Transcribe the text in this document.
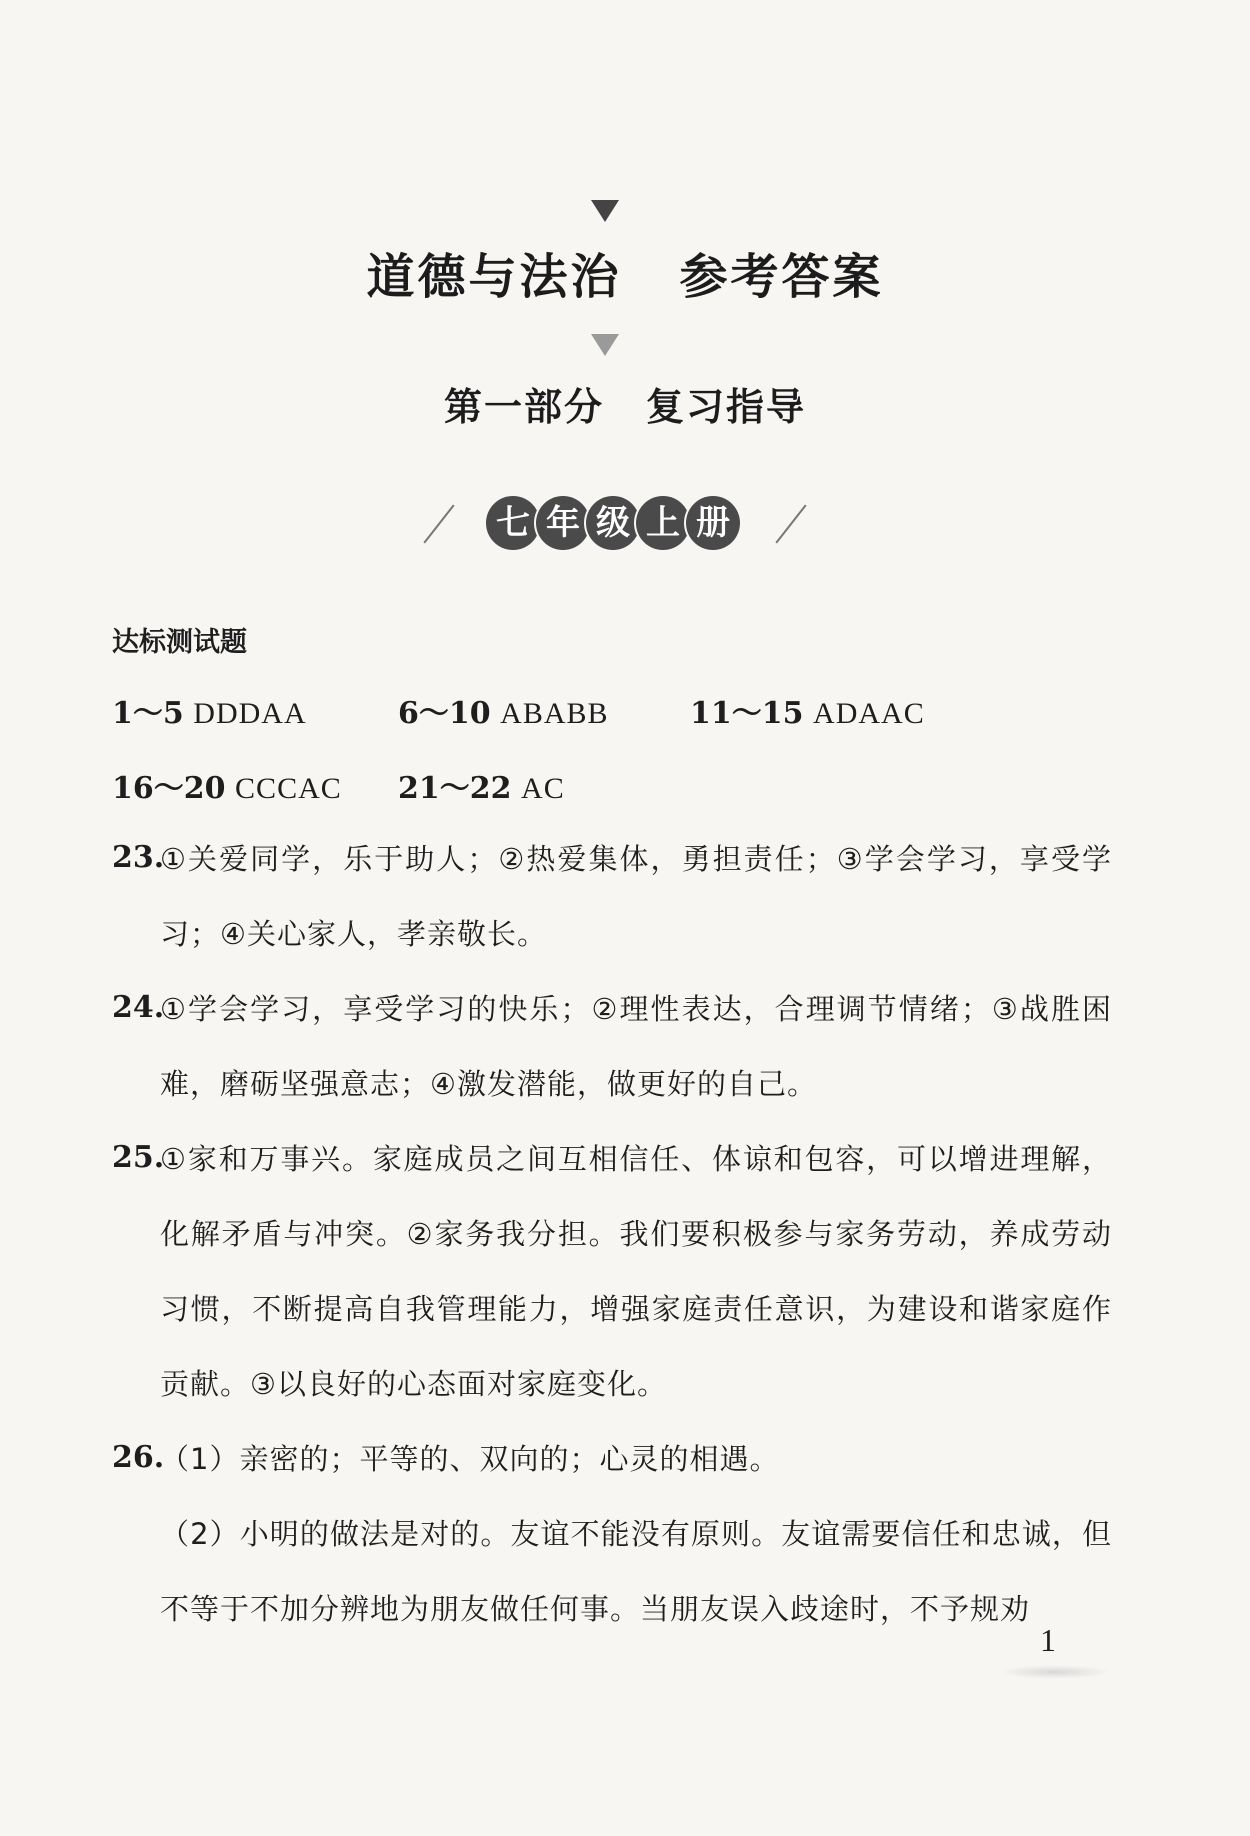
道德与法治 参考答案
第一部分 复习指导
七 年 级 上 册
达标测试题
1～5 DDDAA	6～10 ABABB	11～15 ADAAC
16～20 CCCAC 21～22 AC
23.

①关爱同学，乐于助人；②热爱集体，勇担责任；③学会学习，享受学习；④关心家人，孝亲敬长。

24.

①学会学习，享受学习的快乐；②理性表达，合理调节情绪；③战胜困难，磨砺坚强意志；④激发潜能，做更好的自己。

25.

①家和万事兴。家庭成员之间互相信任、体谅和包容，可以增进理解，化解矛盾与冲突。②家务我分担。我们要积极参与家务劳动，养成劳动习惯，不断提高自我管理能力，增强家庭责任意识，为建设和谐家庭作贡献。③以良好的心态面对家庭变化。

26.

（1）亲密的；平等的、双向的；心灵的相遇。

（2）小明的做法是对的。友谊不能没有原则。友谊需要信任和忠诚，但不等于不加分辨地为朋友做任何事。当朋友误入歧途时，不予规劝

1
